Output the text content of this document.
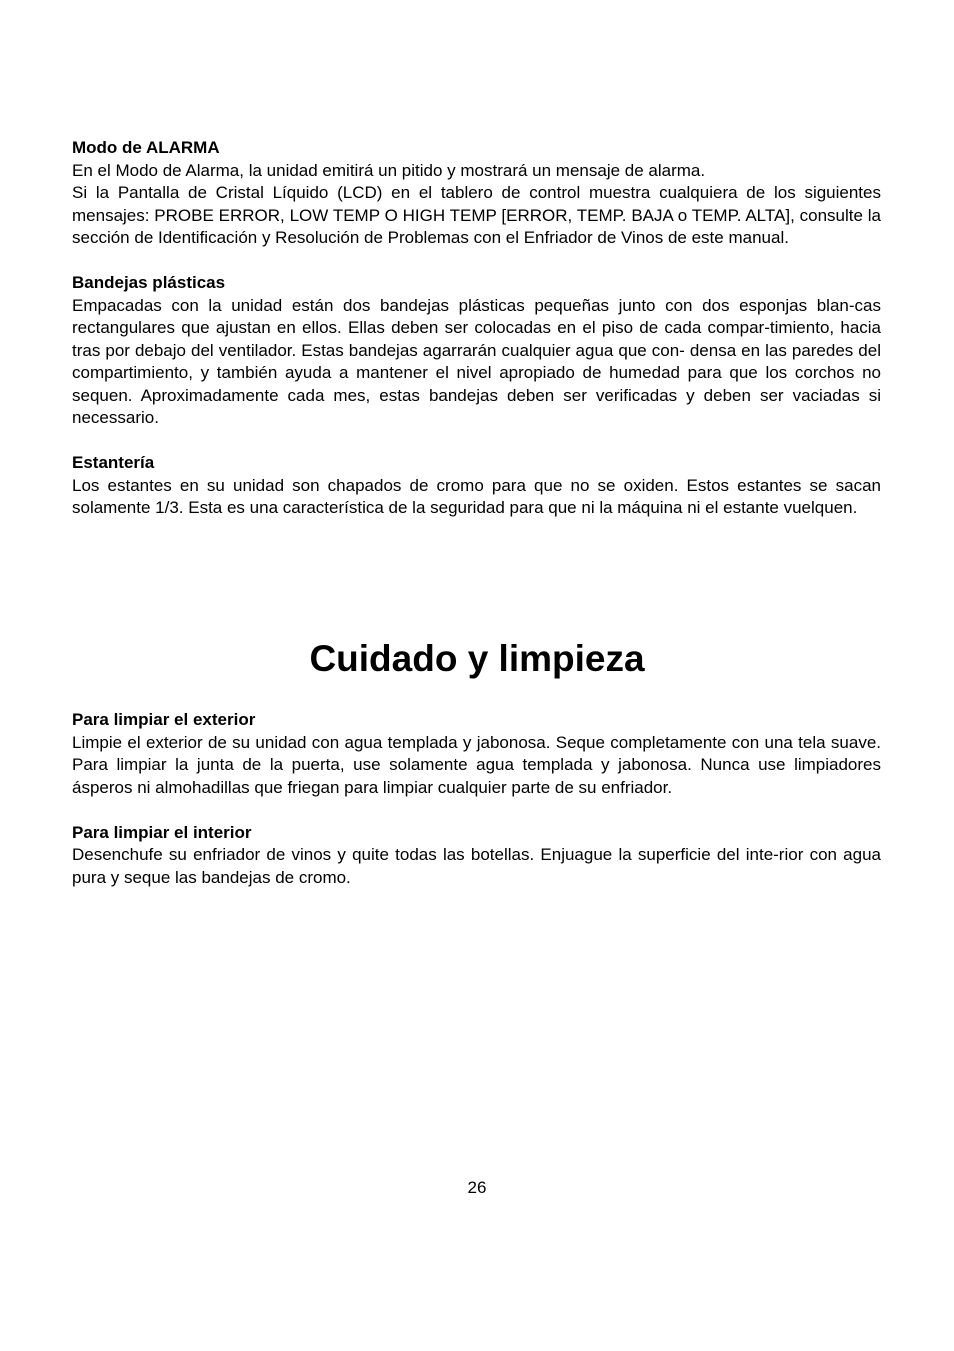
Modo de ALARMA

En el Modo de Alarma, la unidad emitirá un pitido y mostrará un mensaje de alarma.

Si la Pantalla de Cristal Líquido (LCD) en el tablero de control muestra cualquiera de los siguientes mensajes: PROBE ERROR, LOW TEMP O HIGH TEMP [ERROR, TEMP. BAJA o TEMP. ALTA], consulte la sección de Identificación y Resolución de Problemas con el Enfriador de Vinos de este manual.

Bandejas plásticas

Empacadas con la unidad están dos bandejas plásticas pequeñas junto con dos esponjas blan-cas rectangulares que ajustan en ellos. Ellas deben ser colocadas en el piso de cada compar-timiento, hacia tras por debajo del ventilador. Estas bandejas agarrarán cualquier agua que con- densa en las paredes del compartimiento, y también ayuda a mantener el nivel apropiado de humedad para que los corchos no sequen. Aproximadamente cada mes, estas bandejas deben ser verificadas y deben ser vaciadas si necessario.

Estantería

Los estantes en su unidad son chapados de cromo para que no se oxiden. Estos estantes se sacan solamente 1/3. Esta es una característica de la seguridad para que ni la máquina ni el estante vuelquen.

Cuidado y limpieza
Para limpiar el exterior

Limpie el exterior de su unidad con agua templada y jabonosa. Seque completamente con una tela suave. Para limpiar la junta de la puerta, use solamente agua templada y jabonosa. Nunca use limpiadores ásperos ni almohadillas que friegan para limpiar cualquier parte de su enfriador.

Para limpiar el interior

Desenchufe su enfriador de vinos y quite todas las botellas. Enjuague la superficie del inte-rior con agua pura y seque las bandejas de cromo.

26
